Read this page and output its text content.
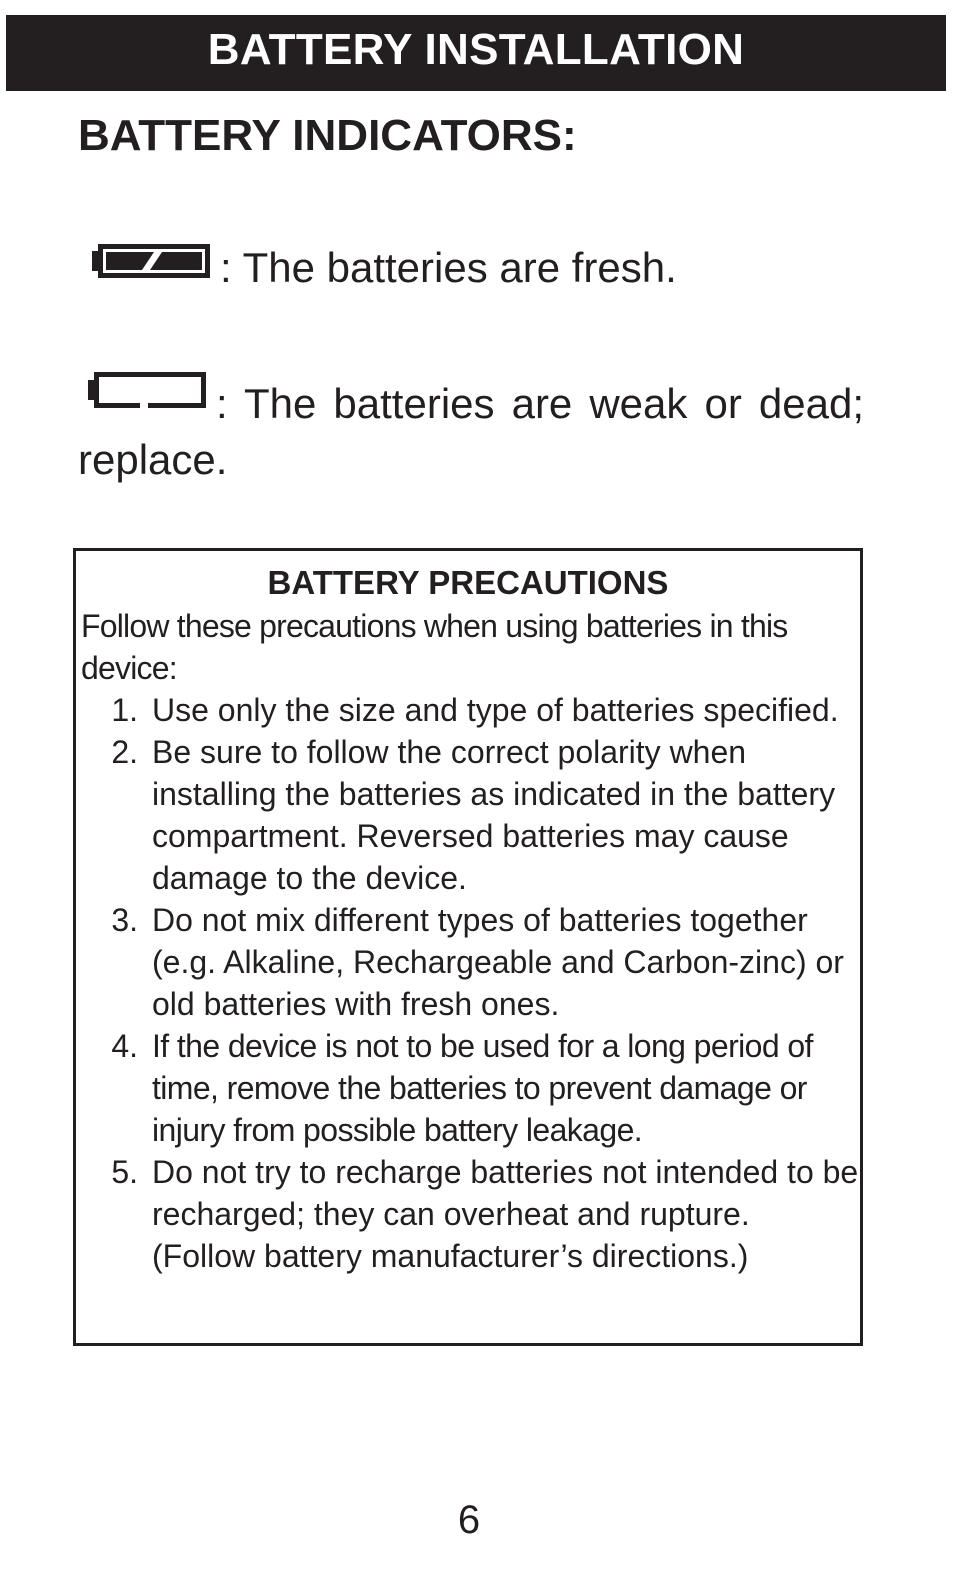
BATTERY INSTALLATION
BATTERY INDICATORS:
: The batteries are fresh.
: The batteries are weak or dead; replace.
BATTERY PRECAUTIONS
Follow these precautions when using batteries in this device:
1. Use only the size and type of batteries specified.
2. Be sure to follow the correct polarity when installing the batteries as indicated in the battery compartment. Reversed batteries may cause damage to the device.
3. Do not mix different types of batteries together (e.g. Alkaline, Rechargeable and Carbon-zinc) or old batteries with fresh ones.
4. If the device is not to be used for a long period of time, remove the batteries to prevent damage or injury from possible battery leakage.
5. Do not try to recharge batteries not intended to be recharged; they can overheat and rupture. (Follow battery manufacturer’s directions.)
6
